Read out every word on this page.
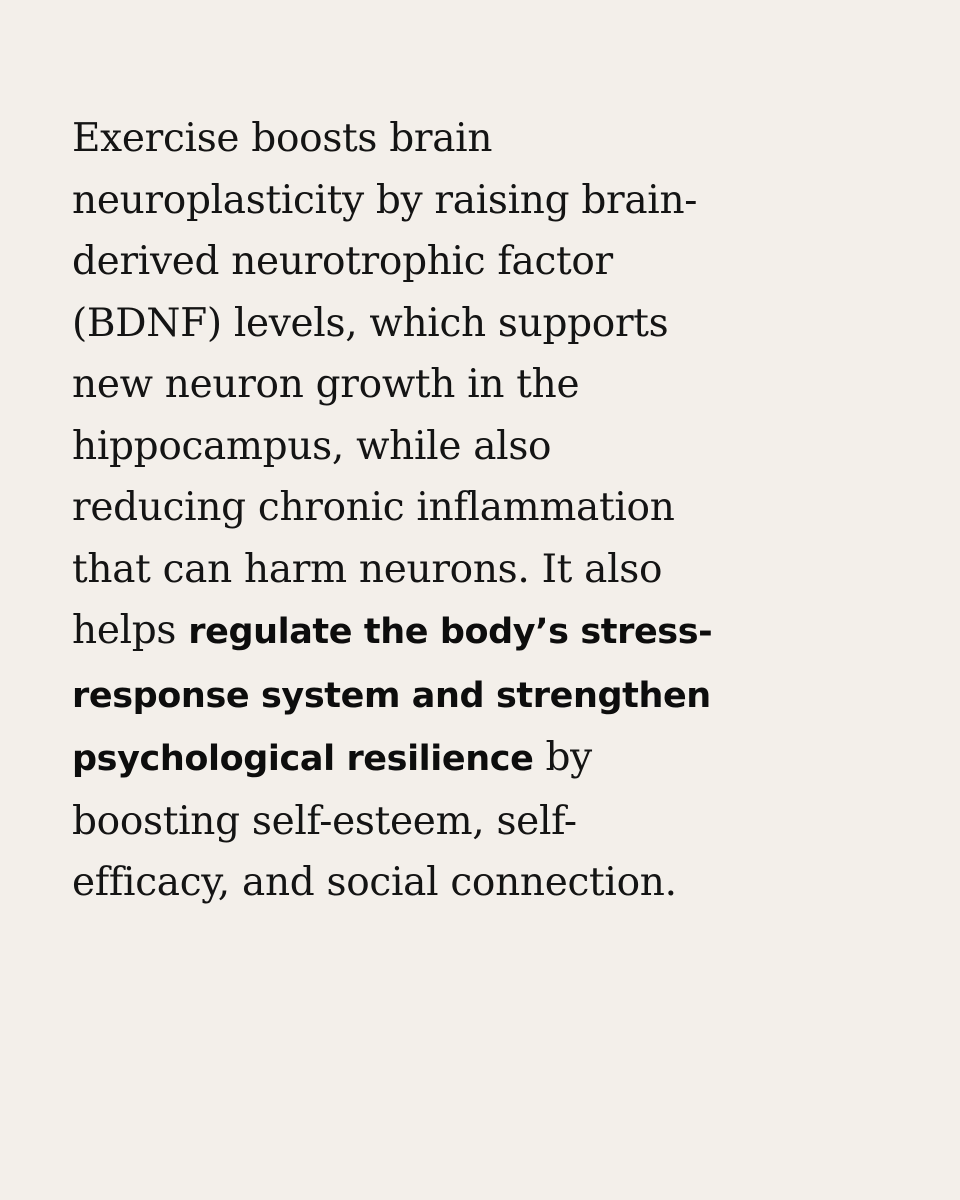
Exercise boosts brain
neuroplasticity by raising brain-
derived neurotrophic factor
(BDNF) levels, which supports
new neuron growth in the
hippocampus, while also
reducing chronic inflammation
that can harm neurons. It also
helps regulate the body’s stress-
response system and strengthen
psychological resilience by
boosting self-esteem, self-
efficacy, and social connection.
